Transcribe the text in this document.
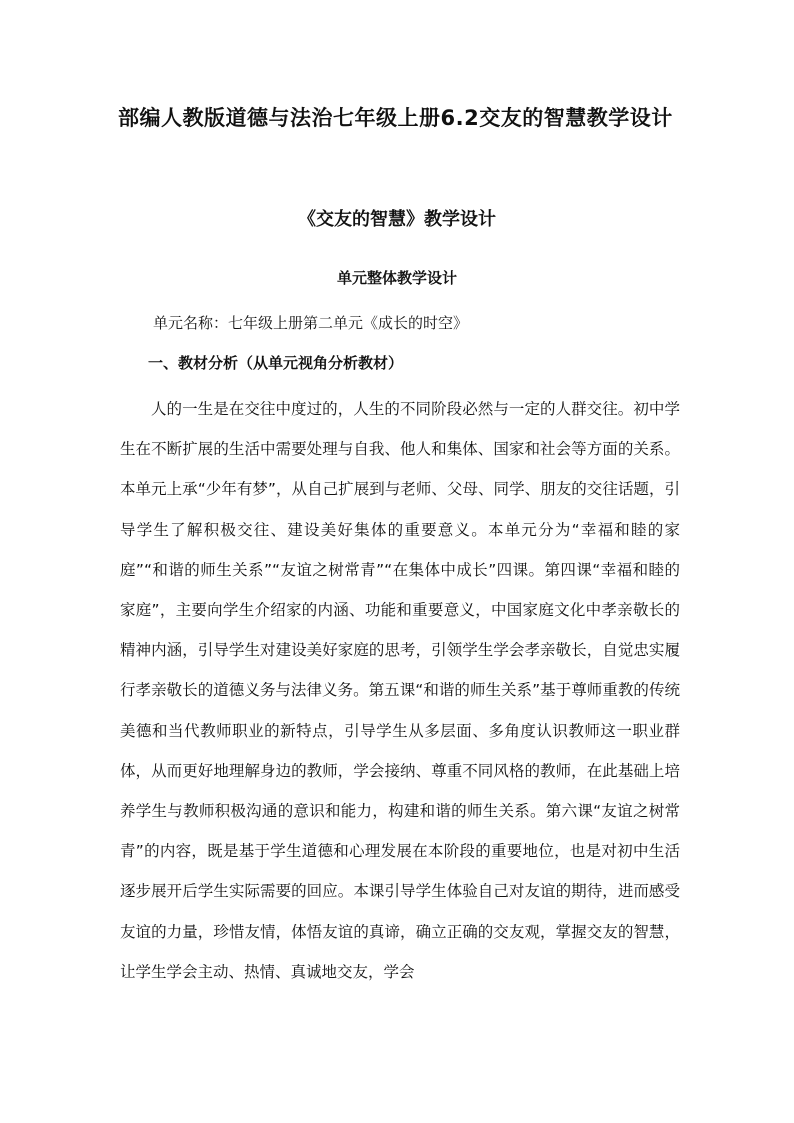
部编人教版道德与法治七年级上册6.2交友的智慧教学设计
《交友的智慧》教学设计
单元整体教学设计

单元名称：七年级上册第二单元《成长的时空》

一、教材分析（从单元视角分析教材）

人的一生是在交往中度过的，人生的不同阶段必然与一定的人群交往。初中学生在不断扩展的生活中需要处理与自我、他人和集体、国家和社会等方面的关系。本单元上承“少年有梦”，从自己扩展到与老师、父母、同学、朋友的交往话题，引导学生了解积极交往、建设美好集体的重要意义。本单元分为“幸福和睦的家庭”“和谐的师生关系”“友谊之树常青”“在集体中成长”四课。第四课“幸福和睦的家庭”，主要向学生介绍家的内涵、功能和重要意义，中国家庭文化中孝亲敬长的精神内涵，引导学生对建设美好家庭的思考，引领学生学会孝亲敬长，自觉忠实履行孝亲敬长的道德义务与法律义务。第五课“和谐的师生关系”基于尊师重教的传统美德和当代教师职业的新特点，引导学生从多层面、多角度认识教师这一职业群体，从而更好地理解身边的教师，学会接纳、尊重不同风格的教师，在此基础上培养学生与教师积极沟通的意识和能力，构建和谐的师生关系。第六课“友谊之树常青”的内容，既是基于学生道德和心理发展在本阶段的重要地位，也是对初中生活逐步展开后学生实际需要的回应。本课引导学生体验自己对友谊的期待，进而感受友谊的力量，珍惜友情，体悟友谊的真谛，确立正确的交友观，掌握交友的智慧，让学生学会主动、热情、真诚地交友，学会
